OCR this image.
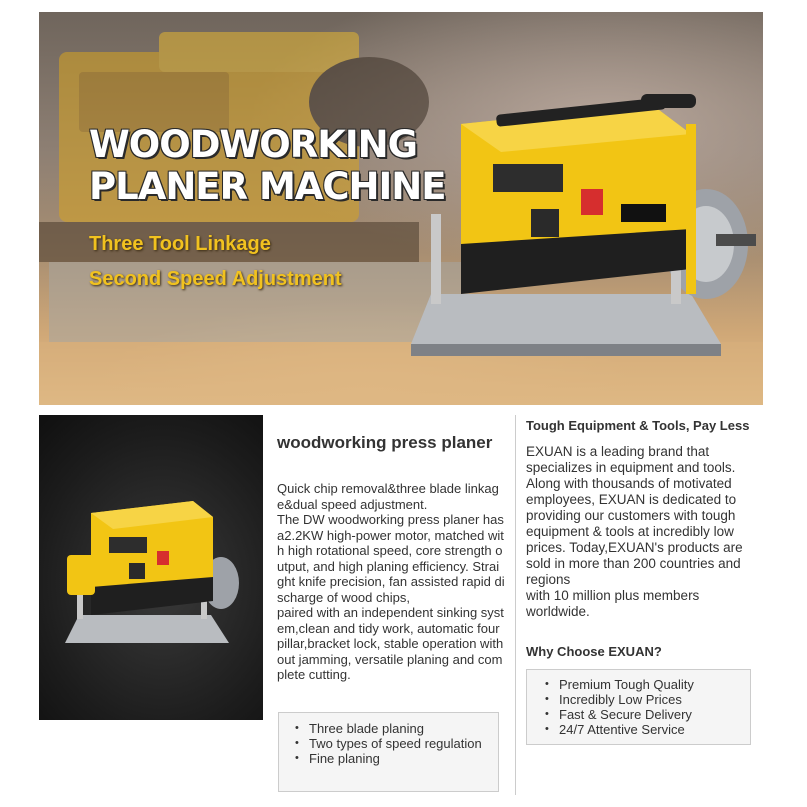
WOODWORKING
PLANER MACHINE
Three Tool Linkage
Second Speed Adjustment
woodworking press planer

Quick chip removal&three blade linkage&dual speed adjustment.
The DW woodworking press planer has a2.2KW high-power motor, matched with high rotational speed, core strength output, and high planing efficiency. Straight knife precision, fan assisted rapid discharge of wood chips,
paired with an independent sinking system,clean and tidy work, automatic four pillar,bracket lock, stable operation without jamming, versatile planing and complete cutting.

• Three blade planing
• Two types of speed regulation
• Fine planing
Tough Equipment & Tools, Pay Less

EXUAN is a leading brand that specializes in equipment and tools. Along with thousands of motivated employees, EXUAN is dedicated to
providing our customers with tough equipment & tools at incredibly low prices. Today,EXUAN's products are sold in more than 200 countries and regions
with 10 million plus members worldwide.

Why Choose EXUAN?
• Premium Tough Quality
• Incredibly Low Prices
• Fast & Secure Delivery
• 24/7 Attentive Service
